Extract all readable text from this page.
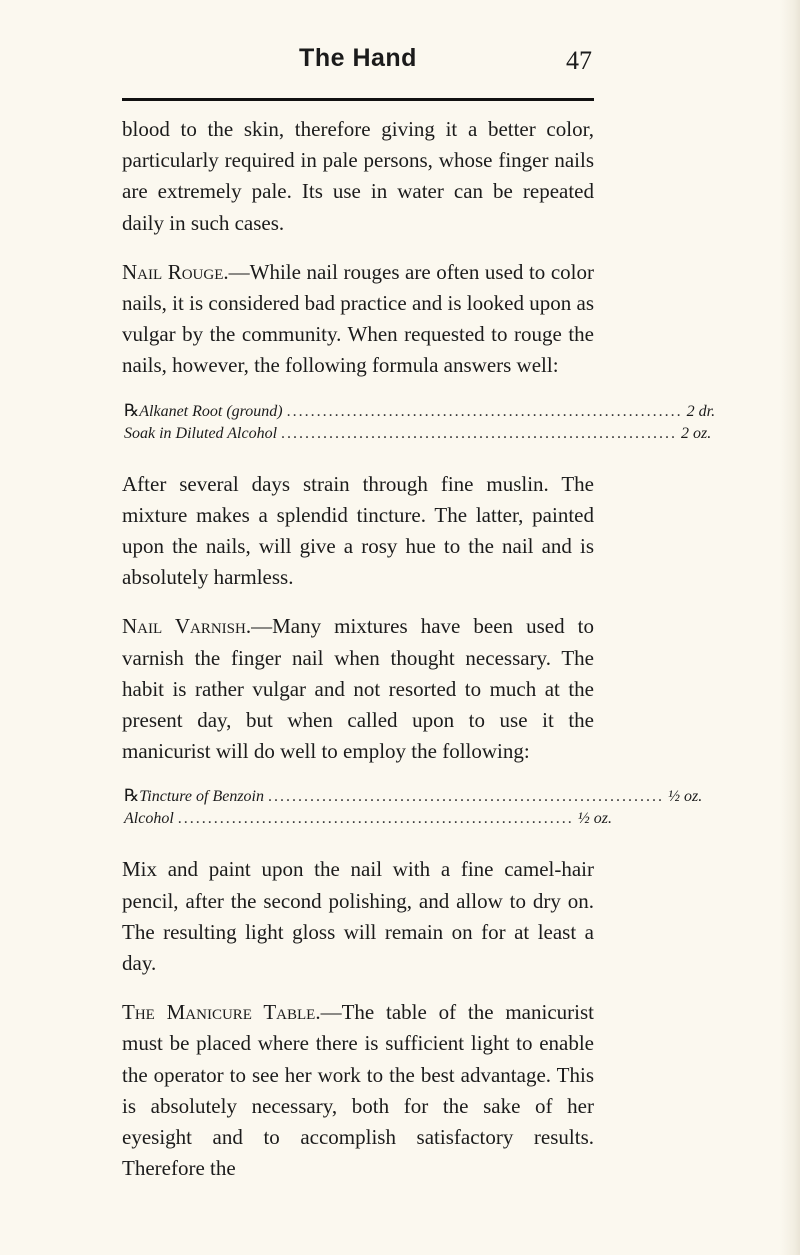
The Hand	47

blood to the skin, therefore giving it a better color, particularly required in pale persons, whose finger nails are extremely pale. Its use in water can be repeated daily in such cases.

Nail Rouge.—While nail rouges are often used to color nails, it is considered bad practice and is looked upon as vulgar by the community. When requested to rouge the nails, however, the following formula answers well:

℞ Alkanet Root (ground) .................................................................. 2 dr.
Soak in Diluted Alcohol .................................................................. 2 oz.

After several days strain through fine muslin. The mixture makes a splendid tincture. The latter, painted upon the nails, will give a rosy hue to the nail and is absolutely harmless.

Nail Varnish.—Many mixtures have been used to varnish the finger nail when thought necessary. The habit is rather vulgar and not resorted to much at the present day, but when called upon to use it the manicurist will do well to employ the following:

℞ Tincture of Benzoin .................................................................. ½ oz.
Alcohol .................................................................. ½ oz.

Mix and paint upon the nail with a fine camel-hair pencil, after the second polishing, and allow to dry on. The resulting light gloss will remain on for at least a day.

The Manicure Table.—The table of the manicurist must be placed where there is sufficient light to enable the operator to see her work to the best advantage. This is absolutely necessary, both for the sake of her eyesight and to accomplish satisfactory results. Therefore the
